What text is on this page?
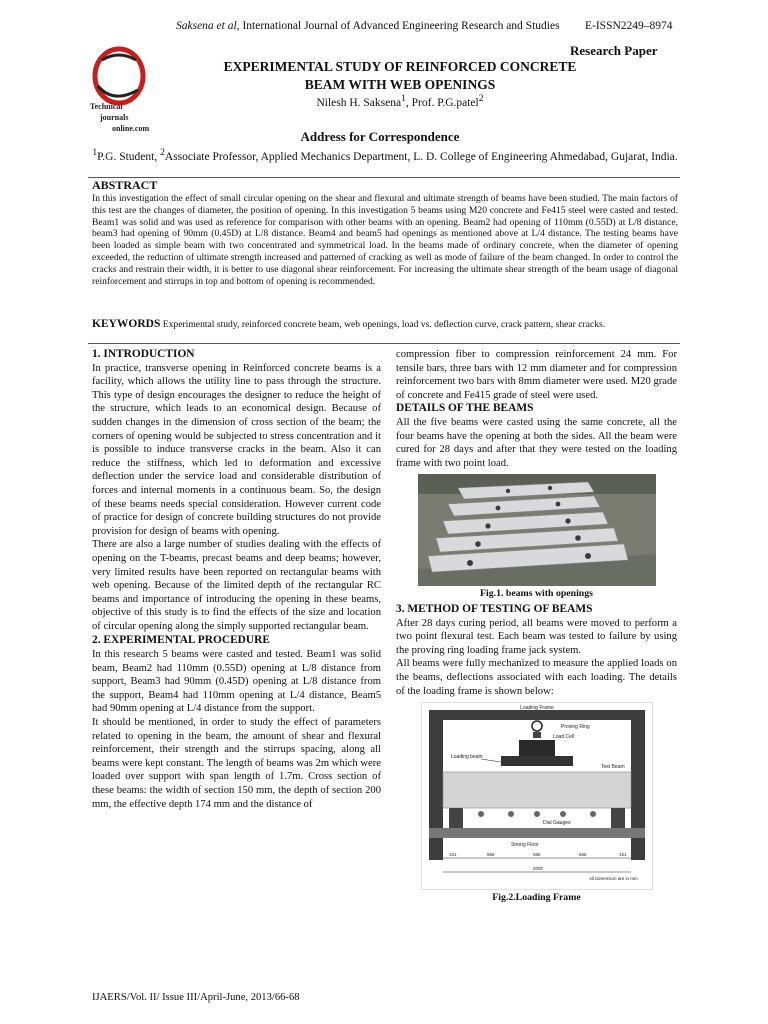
Saksena et al, International Journal of Advanced Engineering Research and Studies	E-ISSN2249–8974
Technical
journals
online.com
Research Paper
EXPERIMENTAL STUDY OF REINFORCED CONCRETE
BEAM WITH WEB OPENINGS
Nilesh H. Saksena$^1$, Prof. P.G.patel$^2$
Address for Correspondence
$^1$P.G. Student, $^2$Associate Professor, Applied Mechanics Department, L. D. College of Engineering Ahmedabad, Gujarat, India.
ABSTRACT
In this investigation the effect of small circular opening on the shear and flexural and ultimate strength of beams have been studied. The main factors of this test are the changes of diameter, the position of opening. In this investigation 5 beams using M20 concrete and Fe415 steel were casted and tested. Beam1 was solid and was used as reference for comparison with other beams with an opening. Beam2 had opening of 110mm (0.55D) at L/8 distance, beam3 had opening of 90mm (0.45D) at L/8 distance. Beam4 and beam5 had openings as mentioned above at L/4 distance. The testing beams have been loaded as simple beam with two concentrated and symmetrical load. In the beams made of ordinary concrete, when the diameter of opening exceeded, the reduction of ultimate strength increased and patterned of cracking as well as mode of failure of the beam changed. In order to control the cracks and restrain their width, it is better to use diagonal shear reinforcement. For increasing the ultimate shear strength of the beam usage of diagonal reinforcement and stirrups in top and bottom of opening is recommended.
KEYWORDS Experimental study, reinforced concrete beam, web openings, load vs. deflection curve, crack pattern, shear cracks.
1. INTRODUCTION

In practice, transverse opening in Reinforced concrete beams is a facility, which allows the utility line to pass through the structure. This type of design encourages the designer to reduce the height of the structure, which leads to an economical design. Because of sudden changes in the dimension of cross section of the beam; the corners of opening would be subjected to stress concentration and it is possible to induce transverse cracks in the beam. Also it can reduce the stiffness, which led to deformation and excessive deflection under the service load and considerable distribution of forces and internal moments in a continuous beam. So, the design of these beams needs special consideration. However current code of practice for design of concrete building structures do not provide provision for design of beams with opening.

There are also a large number of studies dealing with the effects of opening on the T-beams, precast beams and deep beams; however, very limited results have been reported on rectangular beams with web opening. Because of the limited depth of the rectangular RC beams and importance of introducing the opening in these beams, objective of this study is to find the effects of the size and location of circular opening along the simply supported rectangular beam.

2. EXPERIMENTAL PROCEDURE

In this research 5 beams were casted and tested. Beam1 was solid beam, Beam2 had 110mm (0.55D) opening at L/8 distance from support, Beam3 had 90mm (0.45D) opening at L/8 distance from the support, Beam4 had 110mm opening at L/4 distance, Beam5 had 90mm opening at L/4 distance from the support.

It should be mentioned, in order to study the effect of parameters related to opening in the beam, the amount of shear and flexural reinforcement, their strength and the stirrups spacing, along all beams were kept constant. The length of beams was 2m which were loaded over support with span length of 1.7m. Cross section of these beams: the width of section 150 mm, the depth of section 200 mm, the effective depth 174 mm and the distance of

compression fiber to compression reinforcement 24 mm. For tensile bars, three bars with 12 mm diameter and for compression reinforcement two bars with 8mm diameter were used. M20 grade of concrete and Fe415 grade of steel were used.

DETAILS OF THE BEAMS

All the five beams were casted using the same concrete, all the four beams have the opening at both the sides. All the beam were cured for 28 days and after that they were tested on the loading frame with two point load.

Fig.1. beams with openings
3. METHOD OF TESTING OF BEAMS

After 28 days curing period, all beams were moved to perform a two point flexural test. Each beam was tested to failure by using the proving ring loading frame jack system.

All beams were fully mechanized to measure the applied loads on the beams, deflections associated with each loading. The details of the loading frame is shown below:

Loading Frame
Proving Ring
Load Cell
Loading beam
Test Beam
Dial Gauges
Strong Floor
151	566	566	566	151
2000
All Dimension are in mm
Fig.2.Loading Frame
IJAERS/Vol. II/ Issue III/April-June, 2013/66-68
